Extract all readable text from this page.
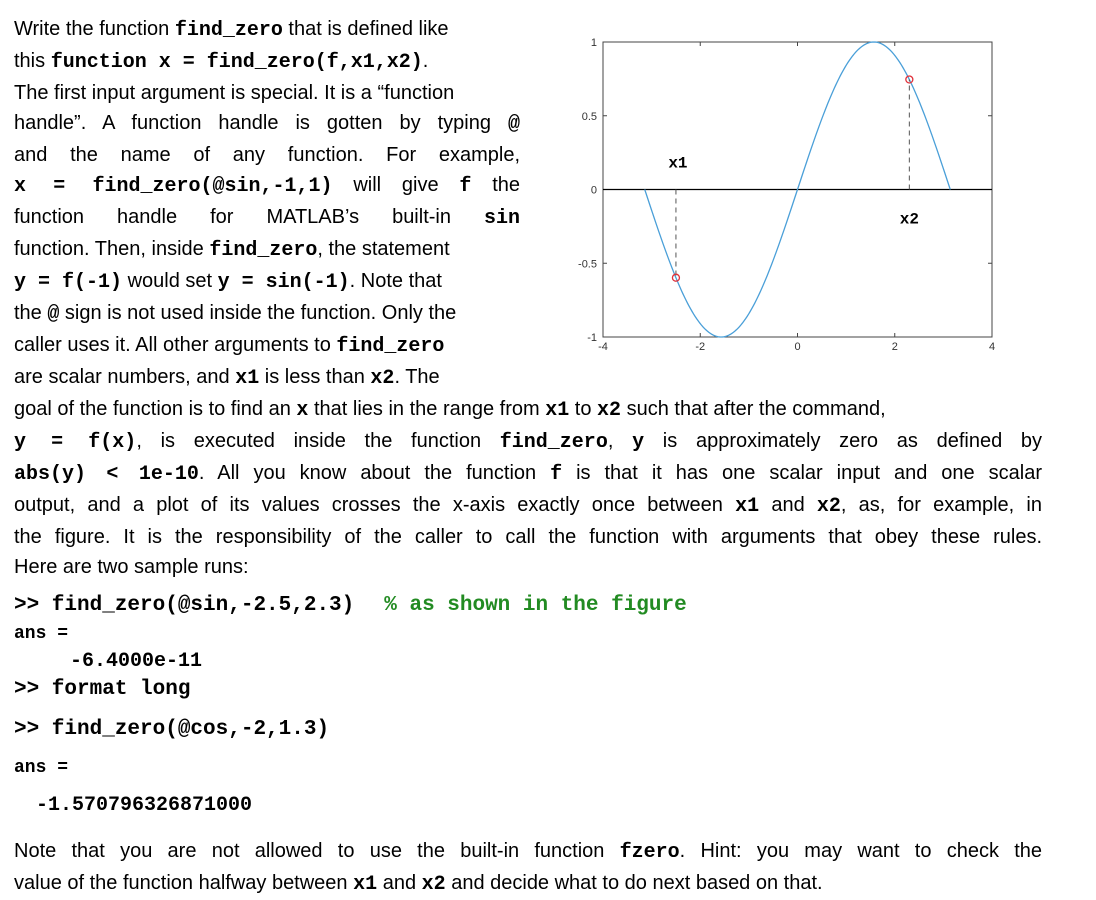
Write the function find_zero that is defined like
this function x = find_zero(f,x1,x2).
The first input argument is special. It is a “function
handle”. A function handle is gotten by typing @
and the name of any function. For example,
x = find_zero(@sin,-1,1) will give f the
function handle for MATLAB’s built-in sin
function. Then, inside find_zero, the statement
y = f(-1) would set y = sin(-1). Note that
the @ sign is not used inside the function. Only the
caller uses it. All other arguments to find_zero
are scalar numbers, and x1 is less than x2. The
goal of the function is to find an x that lies in the range from x1 to x2 such that after the command,
y = f(x), is executed inside the function find_zero, y is approximately zero as defined by
abs(y) < 1e-10. All you know about the function f is that it has one scalar input and one scalar
output, and a plot of its values crosses the x-axis exactly once between x1 and x2, as, for example, in
the figure. It is the responsibility of the caller to call the function with arguments that obey these rules.
Here are two sample runs:
>> find_zero(@sin,-2.5,2.3) % as shown in the figure
ans =
-6.4000e-11
>> format long
>> find_zero(@cos,-2,1.3)
ans =
-1.570796326871000
Note that you are not allowed to use the built-in function fzero. Hint: you may want to check the
value of the function halfway between x1 and x2 and decide what to do next based on that.
1
0.5
0
-0.5
-1
-4	-2	0	2	4
x1
x2
